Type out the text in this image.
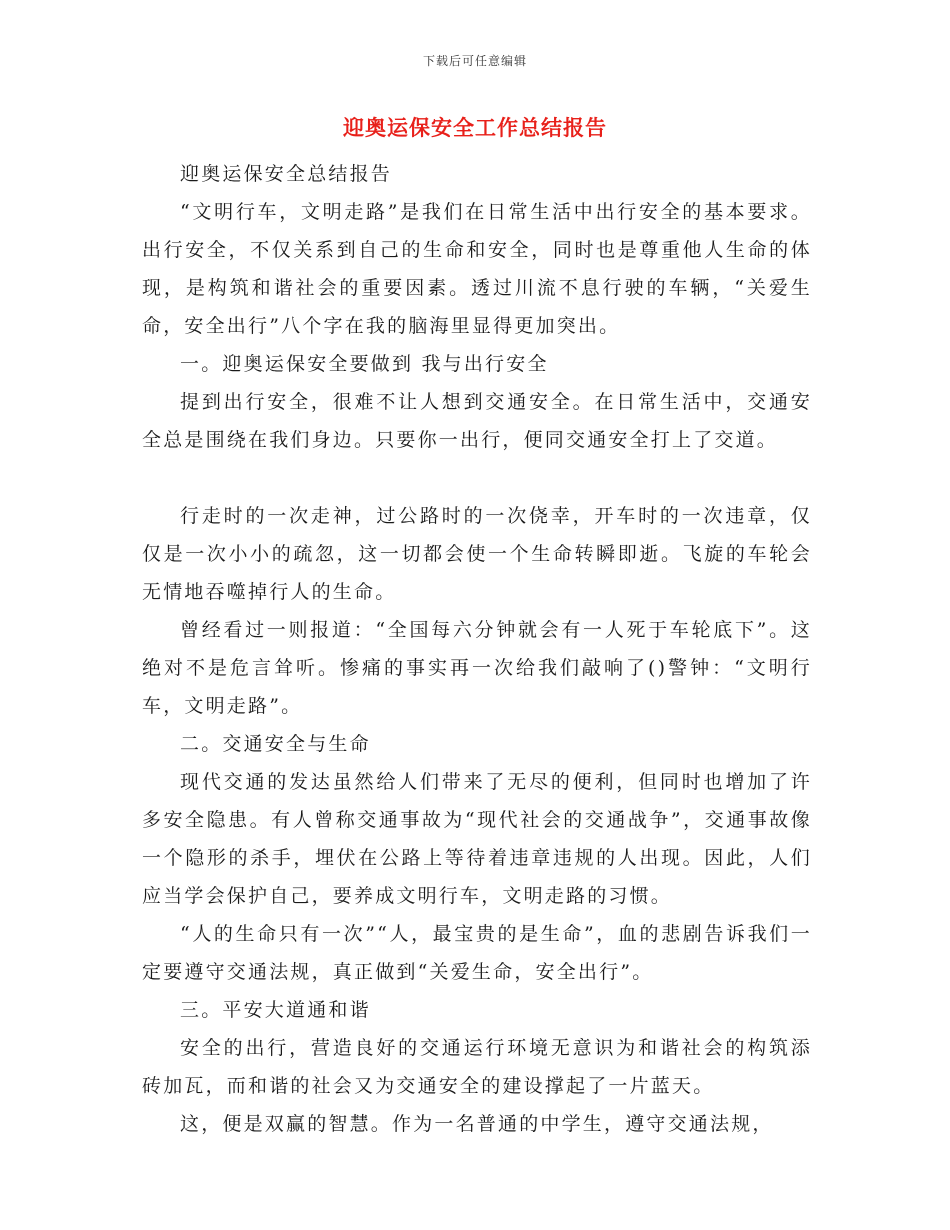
下载后可任意编辑
迎奥运保安全工作总结报告

迎奥运保安全总结报告

“文明行车，文明走路”是我们在日常生活中出行安全的基本要求。出行安全，不仅关系到自己的生命和安全，同时也是尊重他人生命的体现，是构筑和谐社会的重要因素。透过川流不息行驶的车辆，“关爱生命，安全出行”八个字在我的脑海里显得更加突出。

一。迎奥运保安全要做到 我与出行安全

提到出行安全，很难不让人想到交通安全。在日常生活中，交通安全总是围绕在我们身边。只要你一出行，便同交通安全打上了交道。

行走时的一次走神，过公路时的一次侥幸，开车时的一次违章，仅仅是一次小小的疏忽，这一切都会使一个生命转瞬即逝。飞旋的车轮会无情地吞噬掉行人的生命。

曾经看过一则报道：“全国每六分钟就会有一人死于车轮底下”。这绝对不是危言耸听。惨痛的事实再一次给我们敲响了()警钟：“文明行车，文明走路”。

二。交通安全与生命

现代交通的发达虽然给人们带来了无尽的便利，但同时也增加了许多安全隐患。有人曾称交通事故为“现代社会的交通战争”，交通事故像一个隐形的杀手，埋伏在公路上等待着违章违规的人出现。因此，人们应当学会保护自己，要养成文明行车，文明走路的习惯。

“人的生命只有一次”“人，最宝贵的是生命”，血的悲剧告诉我们一定要遵守交通法规，真正做到“关爱生命，安全出行”。

三。平安大道通和谐

安全的出行，营造良好的交通运行环境无意识为和谐社会的构筑添砖加瓦，而和谐的社会又为交通安全的建设撑起了一片蓝天。

这，便是双赢的智慧。作为一名普通的中学生，遵守交通法规，
